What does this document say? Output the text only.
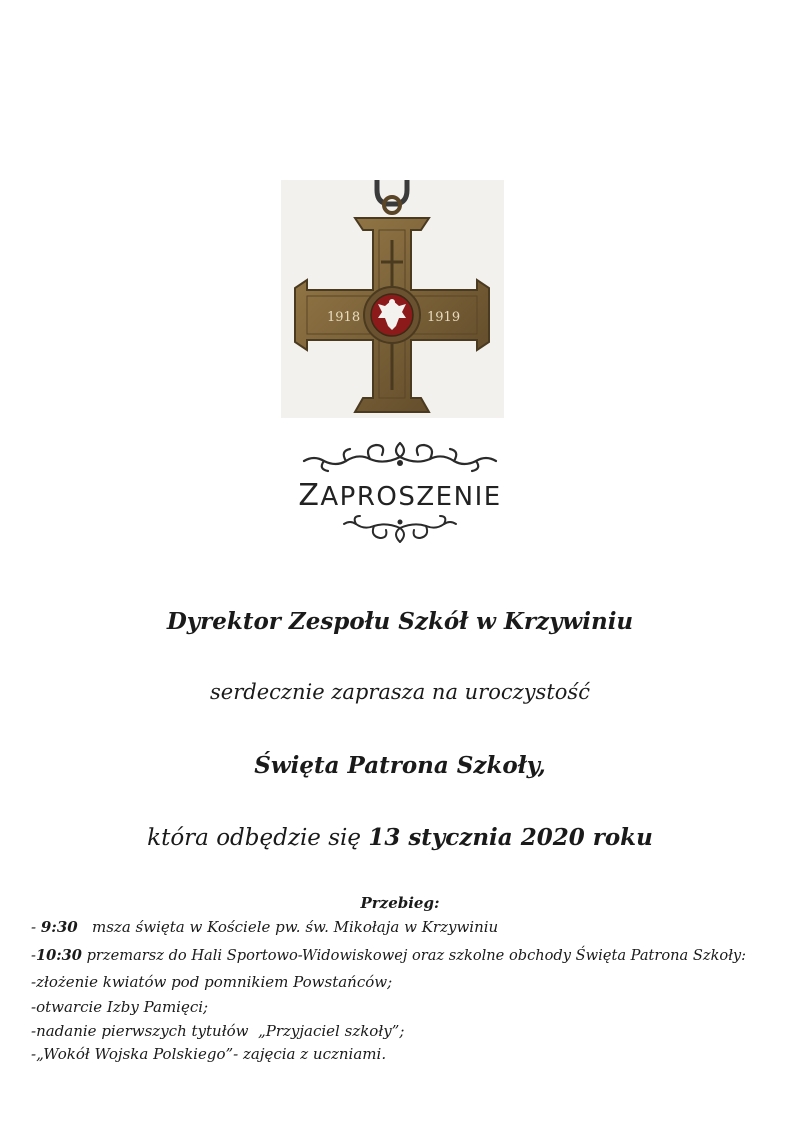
1918	1919
ZAPROSZENIE
Dyrektor Zespołu Szkół w Krzywiniu
serdecznie zaprasza na uroczystość
Święta Patrona Szkoły,
która odbędzie się 13 stycznia 2020 roku
Przebieg:
- 9:30   msza święta w Kościele pw. św. Mikołaja w Krzywiniu
-10:30 przemarsz do Hali Sportowo-Widowiskowej oraz szkolne obchody Święta Patrona Szkoły:
-złożenie kwiatów pod pomnikiem Powstańców;
-otwarcie Izby Pamięci;
-nadanie pierwszych tytułów  „Przyjaciel szkoły”;
-„Wokół Wojska Polskiego”- zajęcia z uczniami.
